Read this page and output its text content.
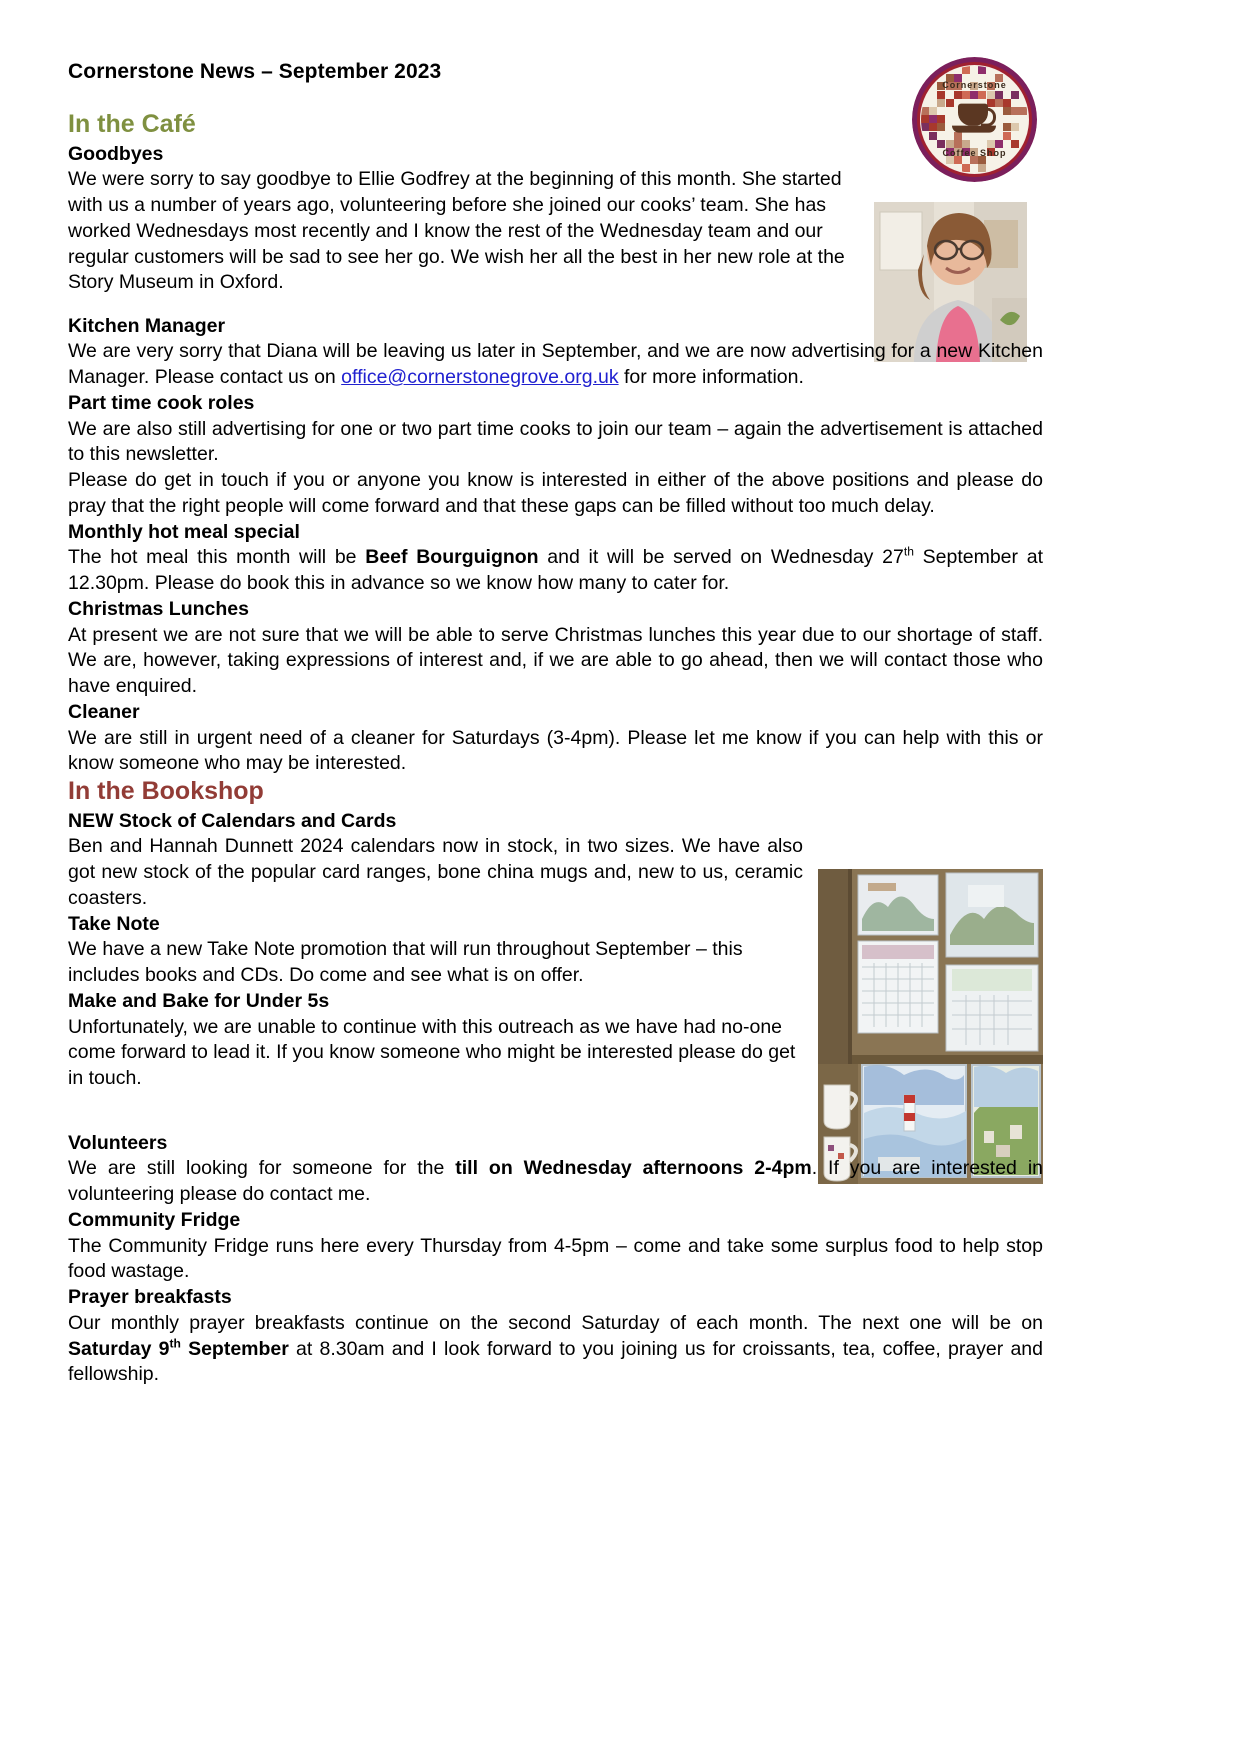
Cornerstone
Coffee Shop
Cornerstone News – September 2023
In the Café
Goodbyes

We were sorry to say goodbye to Ellie Godfrey at the beginning of this month. She started with us a number of years ago, volunteering before she joined our cooks’ team. She has worked Wednesdays most recently and I know the rest of the Wednesday team and our regular customers will be sad to see her go. We wish her all the best in her new role at the Story Museum in Oxford.

Kitchen Manager

We are very sorry that Diana will be leaving us later in September, and we are now advertising for a new Kitchen Manager. Please contact us on office@cornerstonegrove.org.uk for more information.

Part time cook roles

We are also still advertising for one or two part time cooks to join our team – again the advertisement is attached to this newsletter.

Please do get in touch if you or anyone you know is interested in either of the above positions and please do pray that the right people will come forward and that these gaps can be filled without too much delay.

Monthly hot meal special

The hot meal this month will be Beef Bourguignon and it will be served on Wednesday 27th September at 12.30pm. Please do book this in advance so we know how many to cater for.

Christmas Lunches

At present we are not sure that we will be able to serve Christmas lunches this year due to our shortage of staff. We are, however, taking expressions of interest and, if we are able to go ahead, then we will contact those who have enquired.

Cleaner

We are still in urgent need of a cleaner for Saturdays (3-4pm). Please let me know if you can help with this or know someone who may be interested.

In the Bookshop
NEW Stock of Calendars and Cards

Ben and Hannah Dunnett 2024 calendars now in stock, in two sizes. We have also got new stock of the popular card ranges, bone china mugs and, new to us, ceramic coasters.

Take Note

We have a new Take Note promotion that will run throughout September – this includes books and CDs. Do come and see what is on offer.

Make and Bake for Under 5s

Unfortunately, we are unable to continue with this outreach as we have had no-one come forward to lead it. If you know someone who might be interested please do get in touch.

Volunteers

We are still looking for someone for the till on Wednesday afternoons 2-4pm. If you are interested in volunteering please do contact me.

Community Fridge

The Community Fridge runs here every Thursday from 4-5pm – come and take some surplus food to help stop food wastage.

Prayer breakfasts

Our monthly prayer breakfasts continue on the second Saturday of each month. The next one will be on Saturday 9th September at 8.30am and I look forward to you joining us for croissants, tea, coffee, prayer and fellowship.
